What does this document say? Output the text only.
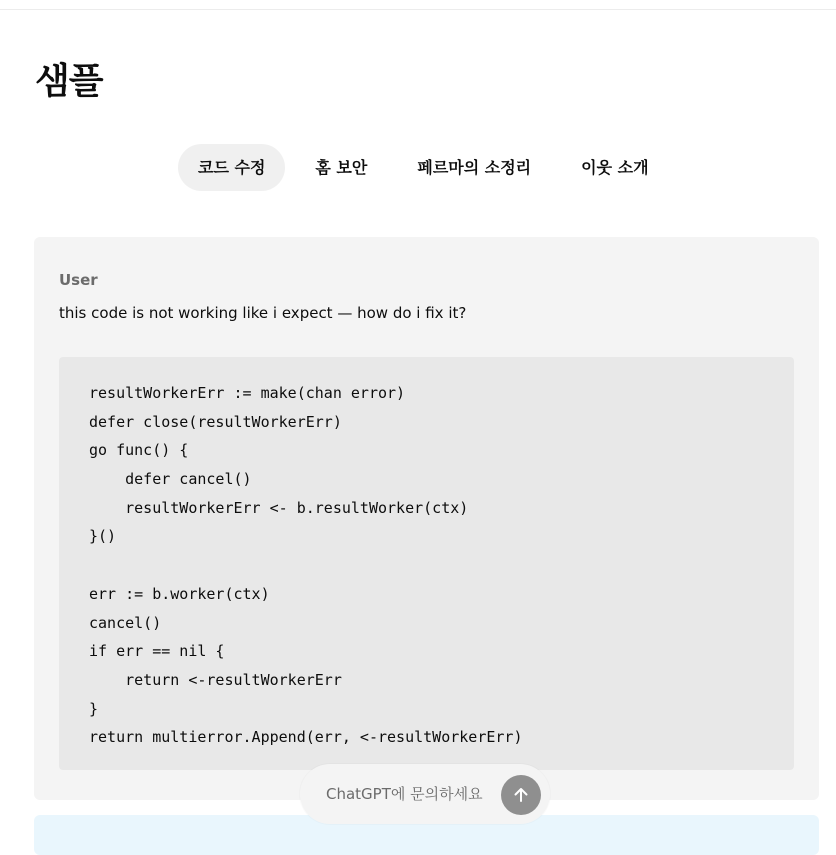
샘플
코드 수정	홈 보안	페르마의 소정리	이웃 소개
User
this code is not working like i expect — how do i fix it?
resultWorkerErr := make(chan error)
defer close(resultWorkerErr)
go func() {
defer cancel()
resultWorkerErr <- b.resultWorker(ctx)
}()
err := b.worker(ctx)
cancel()
if err == nil {
return <-resultWorkerErr
}
return multierror.Append(err, <-resultWorkerErr)
ChatGPT에 문의하세요
